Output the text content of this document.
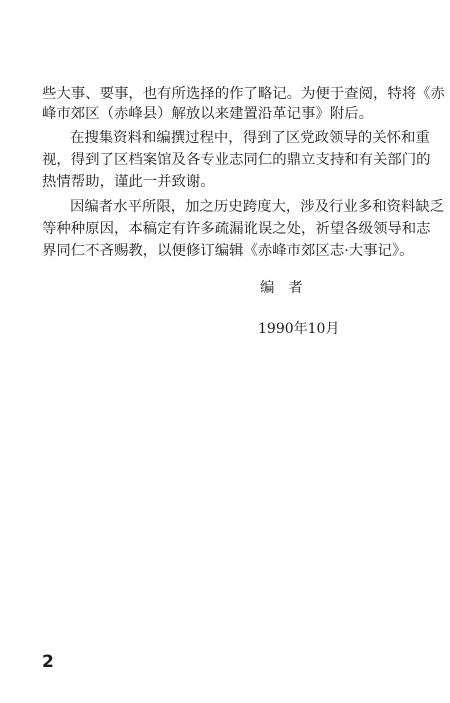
些大事、要事，也有所选择的作了略记。为便于查阅，特将《赤
峰市郊区（赤峰县）解放以来建置沿革记事》附后。
在搜集资料和编撰过程中，得到了区党政领导的关怀和重
视，得到了区档案馆及各专业志同仁的鼎立支持和有关部门的
热情帮助，谨此一并致谢。
因编者水平所限，加之历史跨度大，涉及行业多和资料缺乏
等种种原因，本稿定有许多疏漏讹误之处，祈望各级领导和志
界同仁不吝赐教，以便修订编辑《赤峰市郊区志·大事记》。
编者
1990年10月
2
